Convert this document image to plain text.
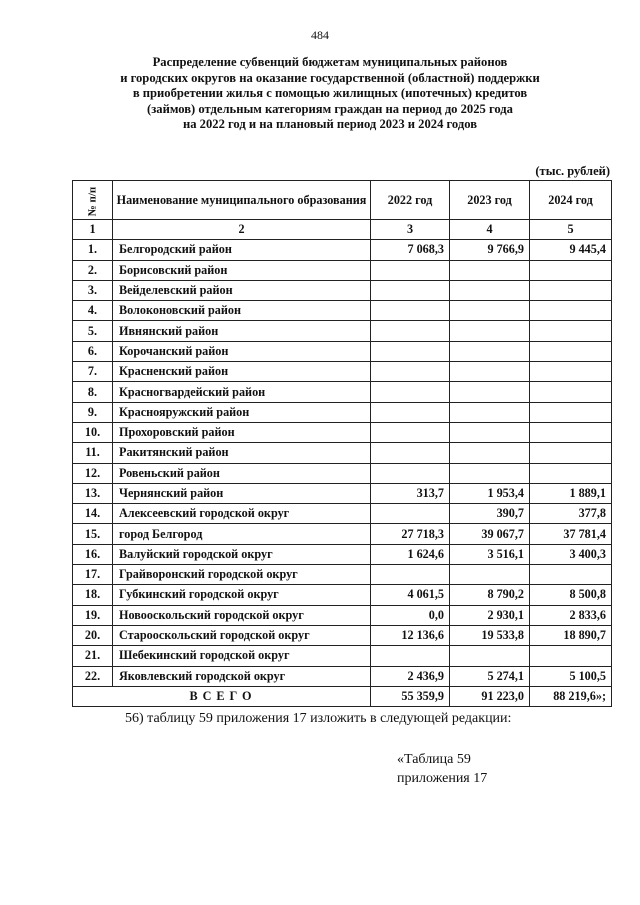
484
Распределение субвенций бюджетам муниципальных районов
и городских округов на оказание государственной (областной) поддержки
в приобретении жилья с помощью жилищных (ипотечных) кредитов
(займов) отдельным категориям граждан на период до 2025 года
на 2022 год и на плановый период 2023 и 2024 годов
(тыс. рублей)
№ п/п	Наименование муниципального образования	2022 год	2023 год	2024 год
1	2	3	4	5
1.	Белгородский район	7 068,3	9 766,9	9 445,4
2.	Борисовский район			
3.	Вейделевский район			
4.	Волоконовский район			
5.	Ивнянский район			
6.	Корочанский район			
7.	Красненский район			
8.	Красногвардейский район			
9.	Краснояружский район			
10.	Прохоровский район			
11.	Ракитянский район			
12.	Ровеньский район			
13.	Чернянский район	313,7	1 953,4	1 889,1
14.	Алексеевский городской округ		390,7	377,8
15.	город Белгород	27 718,3	39 067,7	37 781,4
16.	Валуйский городской округ	1 624,6	3 516,1	3 400,3
17.	Грайворонский городской округ			
18.	Губкинский городской округ	4 061,5	8 790,2	8 500,8
19.	Новооскольский городской округ	0,0	2 930,1	2 833,6
20.	Старооскольский городской округ	12 136,6	19 533,8	18 890,7
21.	Шебекинский городской округ			
22.	Яковлевский городской округ	2 436,9	5 274,1	5 100,5
ВСЕГО		55 359,9	91 223,0	88 219,6»;
56) таблицу 59 приложения 17 изложить в следующей редакции:
«Таблица 59
приложения 17
